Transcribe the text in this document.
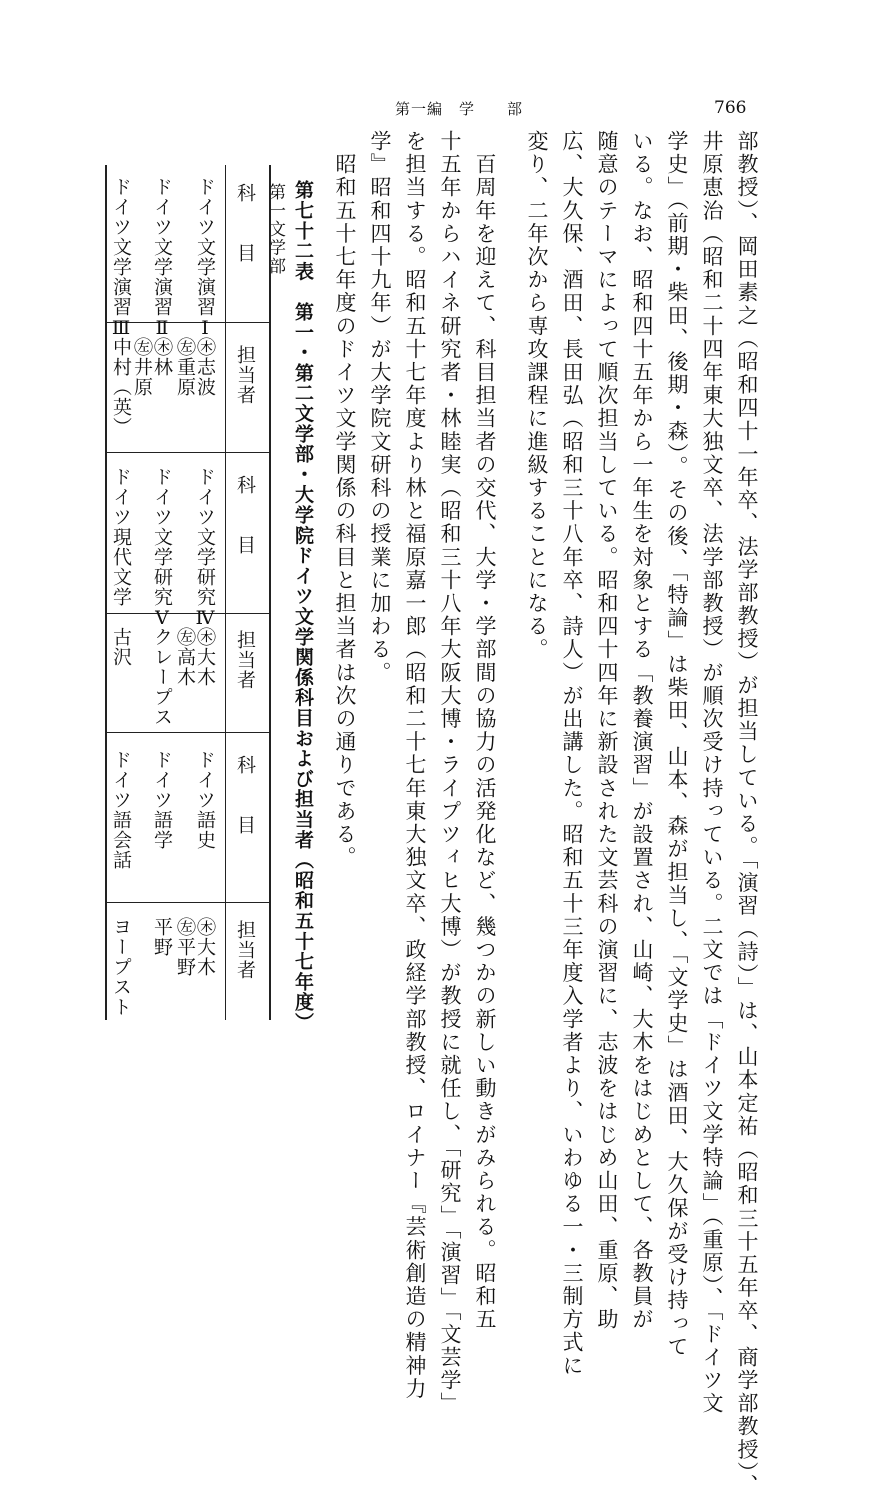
第一編　学　　部	766
部教授）、岡田素之（昭和四十一年卒、法学部教授）が担当している。「演習（詩）」は、山本定祐（昭和三十五年卒、商学部教授）、
井原恵治（昭和二十四年東大独文卒、法学部教授）が順次受け持っている。二文では「ドイツ文学特論」（重原）、「ドイツ文
学史」（前期・柴田、後期・森）。その後、「特論」は柴田、山本、森が担当し、「文学史」は酒田、大久保が受け持って
いる。なお、昭和四十五年から一年生を対象とする「教養演習」が設置され、山崎、大木をはじめとして、各教員が
随意のテーマによって順次担当している。昭和四十四年に新設された文芸科の演習に、志波をはじめ山田、重原、助
広、大久保、酒田、長田弘（昭和三十八年卒、詩人）が出講した。昭和五十三年度入学者より、いわゆる一・三制方式に
変り、二年次から専攻課程に進級することになる。
　百周年を迎えて、科目担当者の交代、大学・学部間の協力の活発化など、幾つかの新しい動きがみられる。昭和五
十五年からハイネ研究者・林睦実（昭和三十八年大阪大博・ライプツィヒ大博）が教授に就任し、「研究」「演習」「文芸学」
を担当する。昭和五十七年度より林と福原嘉一郎（昭和二十七年東大独文卒、政経学部教授、ロイナー『芸術創造の精神力
学』昭和四十九年）が大学院文研科の授業に加わる。
　昭和五十七年度のドイツ文学関係の科目と担当者は次の通りである。
第七十二表　第一・第二文学部・大学院ドイツ文学関係科目および担当者（昭和五十七年度）
第一文学部
科　　目
担当者
科　　目
担当者
科　　目
担当者
ドイツ文学演習Ⅰ
㊍志波
ドイツ文学研究Ⅳ
㊍大木
ドイツ語史
㊍大木
㊧重原
㊧高木
㊧平野
ドイツ文学演習Ⅱ
㊍林
ドイツ文学研究Ⅴ
クレープス
ドイツ語学
平野
㊧井原
ドイツ文学演習Ⅲ
中村（英）
ドイツ現代文学
古沢
ドイツ語会話
ヨープスト
